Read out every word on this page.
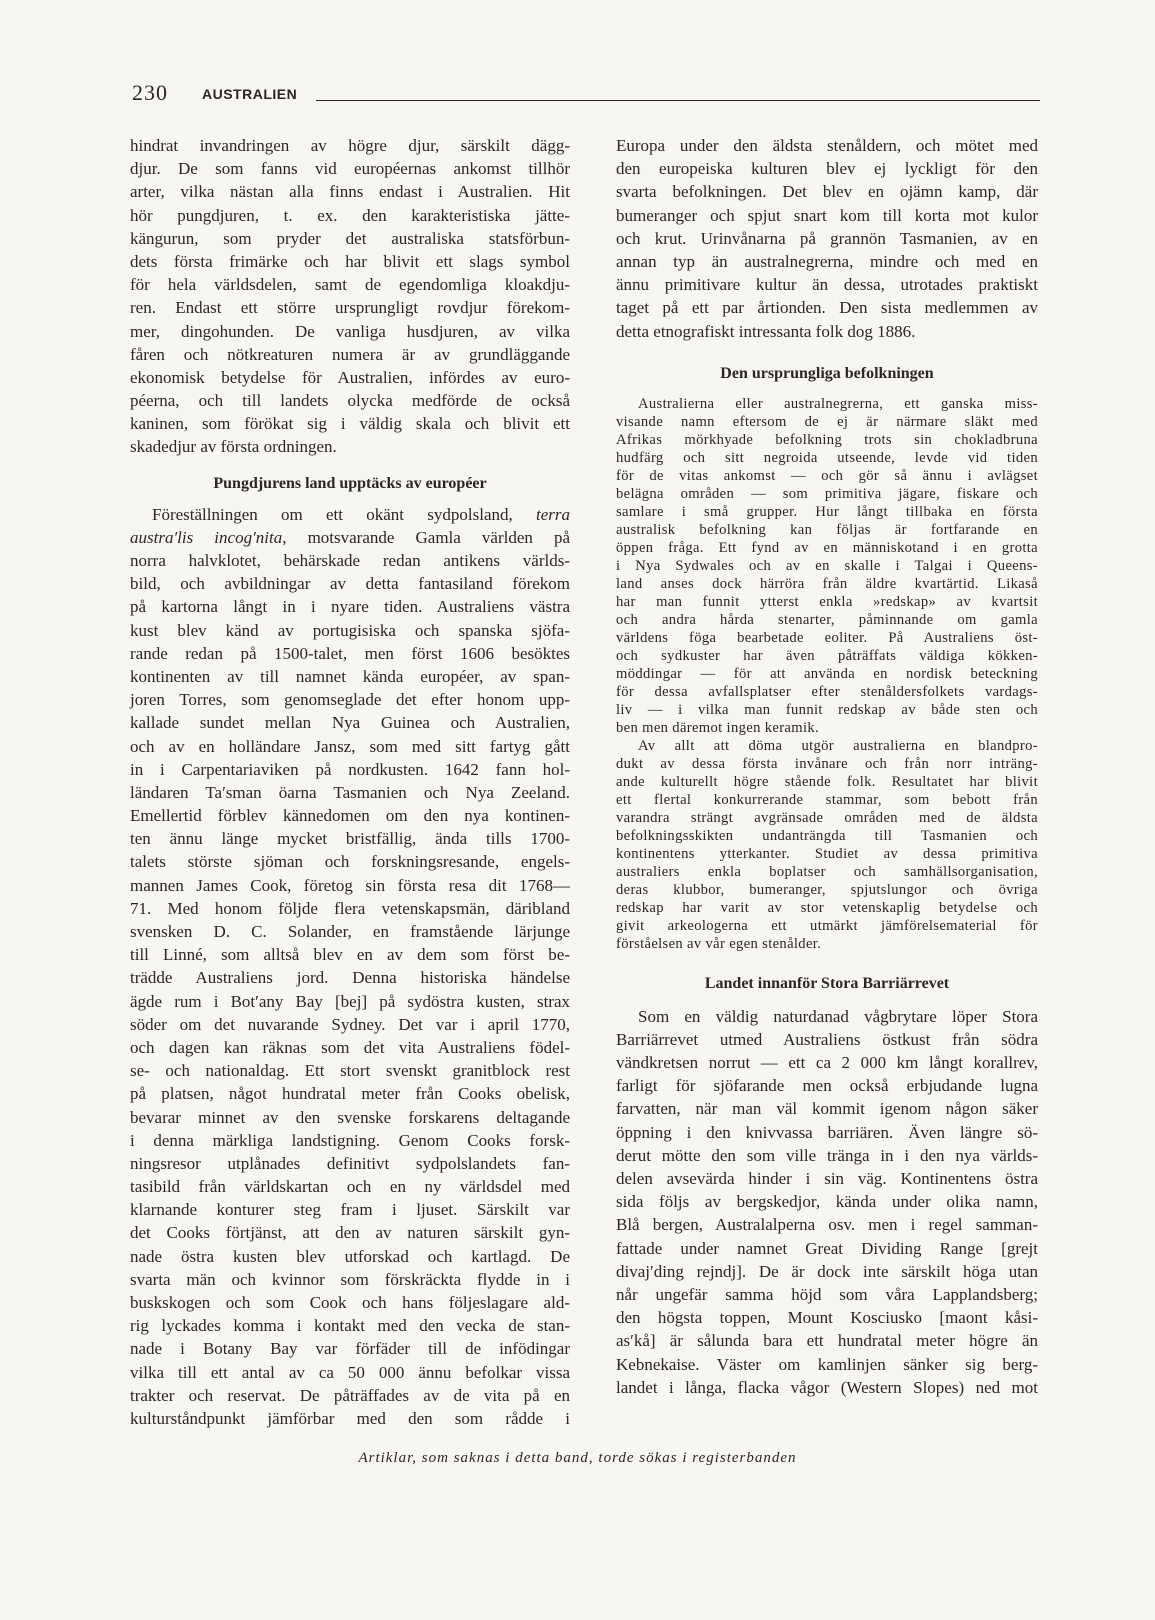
230 AUSTRALIEN
hindrat invandringen av högre djur, särskilt dägg-
djur. De som fanns vid européernas ankomst tillhör
arter, vilka nästan alla finns endast i Australien. Hit
hör pungdjuren, t. ex. den karakteristiska jätte-
kängurun, som pryder det australiska statsförbun-
dets första frimärke och har blivit ett slags symbol
för hela världsdelen, samt de egendomliga kloakdju-
ren. Endast ett större ursprungligt rovdjur förekom-
mer, dingohunden. De vanliga husdjuren, av vilka
fåren och nötkreaturen numera är av grundläggande
ekonomisk betydelse för Australien, infördes av euro-
péerna, och till landets olycka medförde de också
kaninen, som förökat sig i väldig skala och blivit ett
skadedjur av första ordningen.
Pungdjurens land upptäcks av européer
Föreställningen om ett okänt sydpolsland, terra
austra′lis incog′nita, motsvarande Gamla världen på
norra halvklotet, behärskade redan antikens världs-
bild, och avbildningar av detta fantasiland förekom
på kartorna långt in i nyare tiden. Australiens västra
kust blev känd av portugisiska och spanska sjöfa-
rande redan på 1500-talet, men först 1606 besöktes
kontinenten av till namnet kända européer, av span-
joren Torres, som genomseglade det efter honom upp-
kallade sundet mellan Nya Guinea och Australien,
och av en holländare Jansz, som med sitt fartyg gått
in i Carpentariaviken på nordkusten. 1642 fann hol-
ländaren Ta′sman öarna Tasmanien och Nya Zeeland.
Emellertid förblev kännedomen om den nya kontinen-
ten ännu länge mycket bristfällig, ända tills 1700-
talets störste sjöman och forskningsresande, engels-
mannen James Cook, företog sin första resa dit 1768—
71. Med honom följde flera vetenskapsmän, däribland
svensken D. C. Solander, en framstående lärjunge
till Linné, som alltså blev en av dem som först be-
trädde Australiens jord. Denna historiska händelse
ägde rum i Bot′any Bay [bej] på sydöstra kusten, strax
söder om det nuvarande Sydney. Det var i april 1770,
och dagen kan räknas som det vita Australiens födel-
se- och nationaldag. Ett stort svenskt granitblock rest
på platsen, något hundratal meter från Cooks obelisk,
bevarar minnet av den svenske forskarens deltagande
i denna märkliga landstigning. Genom Cooks forsk-
ningsresor utplånades definitivt sydpolslandets fan-
tasibild från världskartan och en ny världsdel med
klarnande konturer steg fram i ljuset. Särskilt var
det Cooks förtjänst, att den av naturen särskilt gyn-
nade östra kusten blev utforskad och kartlagd. De
svarta män och kvinnor som förskräckta flydde in i
buskskogen och som Cook och hans följeslagare ald-
rig lyckades komma i kontakt med den vecka de stan-
nade i Botany Bay var förfäder till de infödingar
vilka till ett antal av ca 50 000 ännu befolkar vissa
trakter och reservat. De påträffades av de vita på en
kulturståndpunkt jämförbar med den som rådde i
Europa under den äldsta stenåldern, och mötet med
den europeiska kulturen blev ej lyckligt för den
svarta befolkningen. Det blev en ojämn kamp, där
bumeranger och spjut snart kom till korta mot kulor
och krut. Urinvånarna på grannön Tasmanien, av en
annan typ än australnegrerna, mindre och med en
ännu primitivare kultur än dessa, utrotades praktiskt
taget på ett par årtionden. Den sista medlemmen av
detta etnografiskt intressanta folk dog 1886.
Den ursprungliga befolkningen
Australierna eller australnegrerna, ett ganska miss-
visande namn eftersom de ej är närmare släkt med
Afrikas mörkhyade befolkning trots sin chokladbruna
hudfärg och sitt negroida utseende, levde vid tiden
för de vitas ankomst — och gör så ännu i avlägset
belägna områden — som primitiva jägare, fiskare och
samlare i små grupper. Hur långt tillbaka en första
australisk befolkning kan följas är fortfarande en
öppen fråga. Ett fynd av en människotand i en grotta
i Nya Sydwales och av en skalle i Talgai i Queens-
land anses dock härröra från äldre kvartärtid. Likaså
har man funnit ytterst enkla »redskap» av kvartsit
och andra hårda stenarter, påminnande om gamla
världens föga bearbetade eoliter. På Australiens öst-
och sydkuster har även påträffats väldiga kökken-
möddingar — för att använda en nordisk beteckning
för dessa avfallsplatser efter stenåldersfolkets vardags-
liv — i vilka man funnit redskap av både sten och
ben men däremot ingen keramik.
Av allt att döma utgör australierna en blandpro-
dukt av dessa första invånare och från norr inträng-
ande kulturellt högre stående folk. Resultatet har blivit
ett flertal konkurrerande stammar, som bebott från
varandra strängt avgränsade områden med de äldsta
befolkningsskikten undanträngda till Tasmanien och
kontinentens ytterkanter. Studiet av dessa primitiva
australiers enkla boplatser och samhällsorganisation,
deras klubbor, bumeranger, spjutslungor och övriga
redskap har varit av stor vetenskaplig betydelse och
givit arkeologerna ett utmärkt jämförelsematerial för
förståelsen av vår egen stenålder.
Landet innanför Stora Barriärrevet
Som en väldig naturdanad vågbrytare löper Stora
Barriärrevet utmed Australiens östkust från södra
vändkretsen norrut — ett ca 2 000 km långt korallrev,
farligt för sjöfarande men också erbjudande lugna
farvatten, när man väl kommit igenom någon säker
öppning i den knivvassa barriären. Även längre sö-
derut mötte den som ville tränga in i den nya världs-
delen avsevärda hinder i sin väg. Kontinentens östra
sida följs av bergskedjor, kända under olika namn,
Blå bergen, Australalperna osv. men i regel samman-
fattade under namnet Great Dividing Range [grejt
divaj′ding rejndj]. De är dock inte särskilt höga utan
når ungefär samma höjd som våra Lapplandsberg;
den högsta toppen, Mount Kosciusko [maont kåsi-
as′kå] är sålunda bara ett hundratal meter högre än
Kebnekaise. Väster om kamlinjen sänker sig berg-
landet i långa, flacka vågor (Western Slopes) ned mot
Artiklar, som saknas i detta band, torde sökas i registerbanden
